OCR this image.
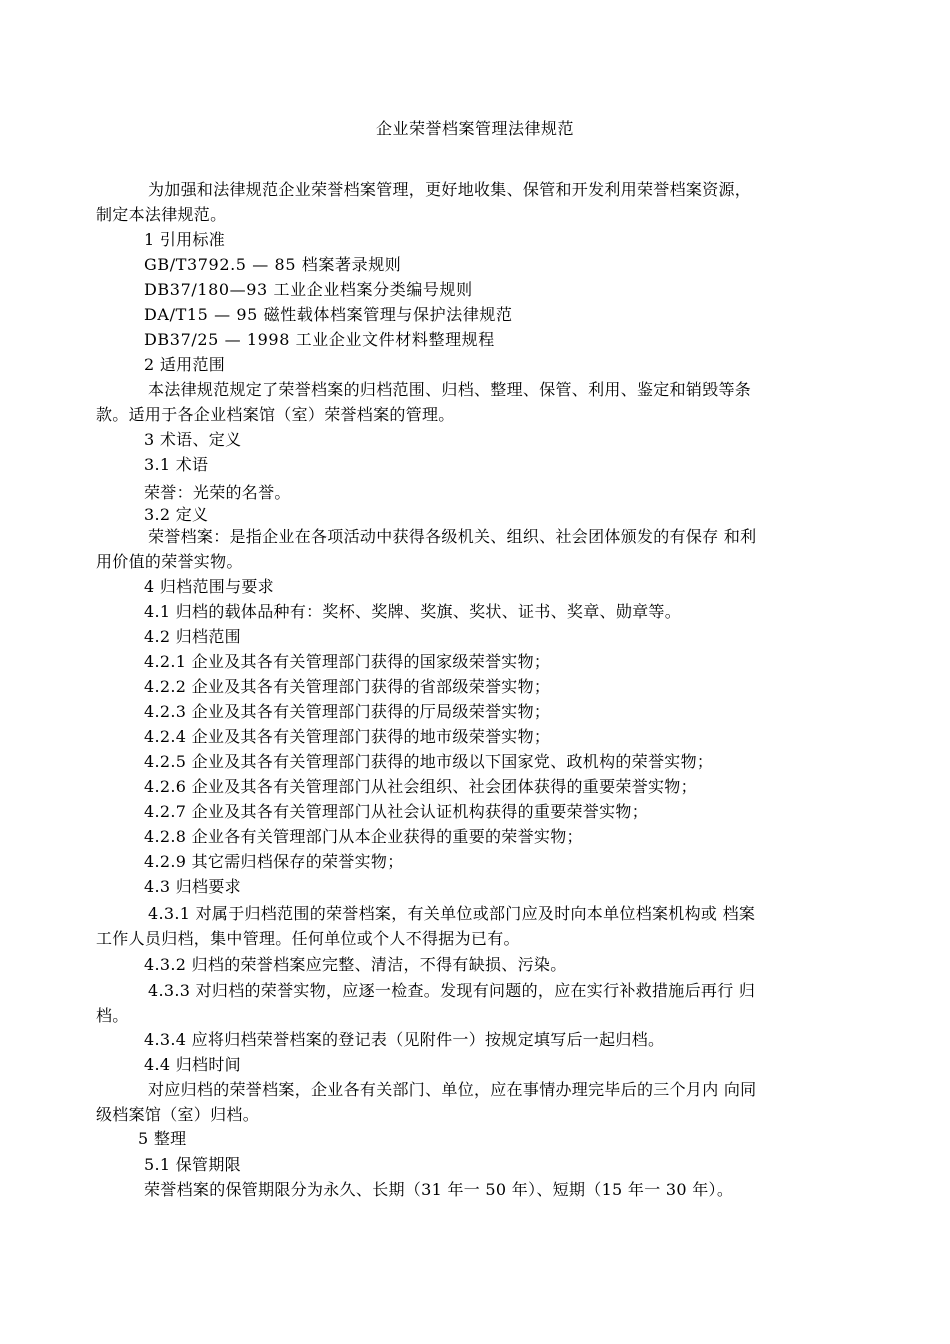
企业荣誉档案管理法律规范
为加强和法律规范企业荣誉档案管理，更好地收集、保管和开发利用荣誉档案资源，
制定本法律规范。
1 引用标准
GB/T3792.5 — 85 档案著录规则
DB37/180—93 工业企业档案分类编号规则
DA/T15 — 95 磁性载体档案管理与保护法律规范
DB37/25 — 1998 工业企业文件材料整理规程
2 适用范围
本法律规范规定了荣誉档案的归档范围、归档、整理、保管、利用、鉴定和销毁等条
款。适用于各企业档案馆（室）荣誉档案的管理。
3 术语、定义
3.1 术语
荣誉：光荣的名誉。
3.2 定义
荣誉档案：是指企业在各项活动中获得各级机关、组织、社会团体颁发的有保存 和利
用价值的荣誉实物。
4 归档范围与要求
4.1 归档的载体品种有：奖杯、奖牌、奖旗、奖状、证书、奖章、勋章等。
4.2 归档范围
4.2.1 企业及其各有关管理部门获得的国家级荣誉实物；
4.2.2 企业及其各有关管理部门获得的省部级荣誉实物；
4.2.3 企业及其各有关管理部门获得的厅局级荣誉实物；
4.2.4 企业及其各有关管理部门获得的地市级荣誉实物；
4.2.5 企业及其各有关管理部门获得的地市级以下国家党、政机构的荣誉实物；
4.2.6 企业及其各有关管理部门从社会组织、社会团体获得的重要荣誉实物；
4.2.7 企业及其各有关管理部门从社会认证机构获得的重要荣誉实物；
4.2.8 企业各有关管理部门从本企业获得的重要的荣誉实物；
4.2.9 其它需归档保存的荣誉实物；
4.3 归档要求
4.3.1 对属于归档范围的荣誉档案，有关单位或部门应及时向本单位档案机构或 档案
工作人员归档，集中管理。任何单位或个人不得据为已有。
4.3.2 归档的荣誉档案应完整、清洁，不得有缺损、污染。
4.3.3 对归档的荣誉实物，应逐一检查。发现有问题的，应在实行补救措施后再行 归
档。
4.3.4 应将归档荣誉档案的登记表（见附件一）按规定填写后一起归档。
4.4 归档时间
对应归档的荣誉档案，企业各有关部门、单位，应在事情办理完毕后的三个月内 向同
级档案馆（室）归档。
5 整理
5.1 保管期限
荣誉档案的保管期限分为永久、长期（31 年一 50 年）、短期（15 年一 30 年）。
